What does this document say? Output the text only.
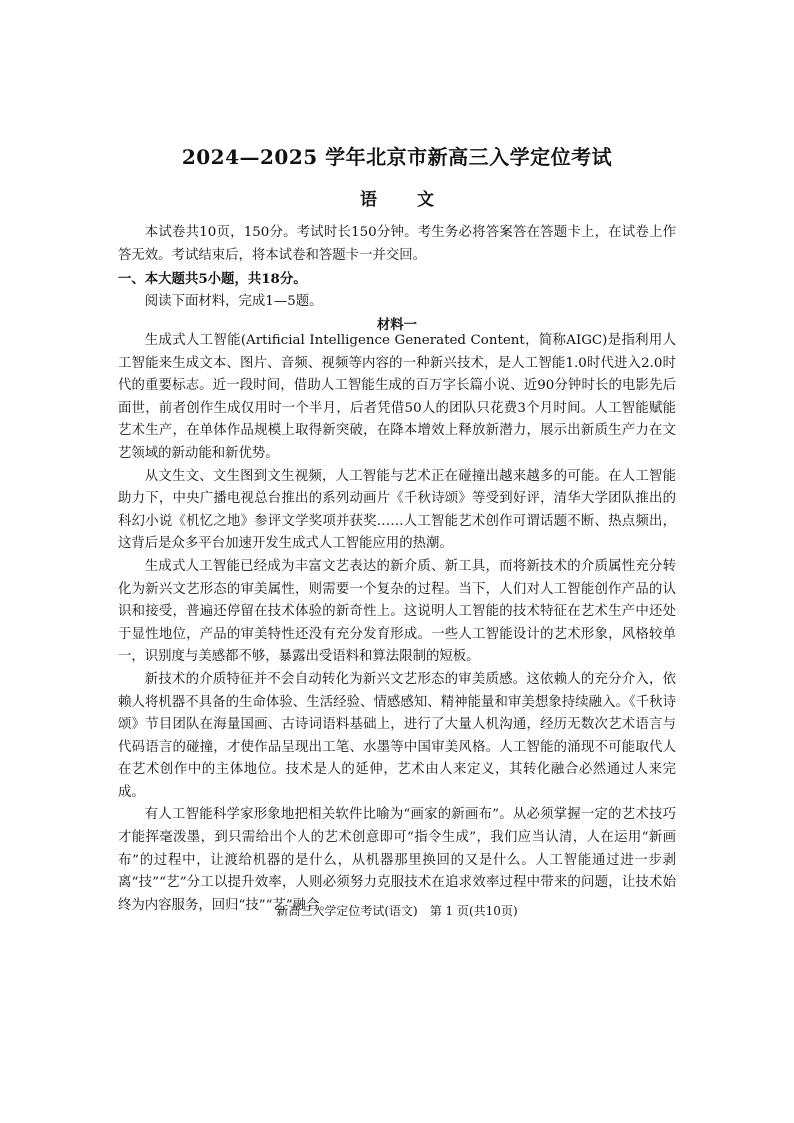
2024—2025 学年北京市新高三入学定位考试
语 文
本试卷共10页，150分。考试时长150分钟。考生务必将答案答在答题卡上，在试卷上作答无效。考试结束后，将本试卷和答题卡一并交回。
一、本大题共5小题，共18分。
阅读下面材料，完成1—5题。
材料一

生成式人工智能(Artificial Intelligence Generated Content，简称AIGC)是指利用人工智能来生成文本、图片、音频、视频等内容的一种新兴技术，是人工智能1.0时代进入2.0时代的重要标志。近一段时间，借助人工智能生成的百万字长篇小说、近90分钟时长的电影先后面世，前者创作生成仅用时一个半月，后者凭借50人的团队只花费3个月时间。人工智能赋能艺术生产，在单体作品规模上取得新突破，在降本增效上释放新潜力，展示出新质生产力在文艺领域的新动能和新优势。

从文生文、文生图到文生视频，人工智能与艺术正在碰撞出越来越多的可能。在人工智能助力下，中央广播电视总台推出的系列动画片《千秋诗颂》等受到好评，清华大学团队推出的科幻小说《机忆之地》参评文学奖项并获奖……人工智能艺术创作可谓话题不断、热点频出，这背后是众多平台加速开发生成式人工智能应用的热潮。

生成式人工智能已经成为丰富文艺表达的新介质、新工具，而将新技术的介质属性充分转化为新兴文艺形态的审美属性，则需要一个复杂的过程。当下，人们对人工智能创作产品的认识和接受，普遍还停留在技术体验的新奇性上。这说明人工智能的技术特征在艺术生产中还处于显性地位，产品的审美特性还没有充分发育形成。一些人工智能设计的艺术形象，风格较单一，识别度与美感都不够，暴露出受语料和算法限制的短板。

新技术的介质特征并不会自动转化为新兴文艺形态的审美质感。这依赖人的充分介入，依赖人将机器不具备的生命体验、生活经验、情感感知、精神能量和审美想象持续融入。《千秋诗颂》节目团队在海量国画、古诗词语料基础上，进行了大量人机沟通，经历无数次艺术语言与代码语言的碰撞，才使作品呈现出工笔、水墨等中国审美风格。人工智能的涌现不可能取代人在艺术创作中的主体地位。技术是人的延伸，艺术由人来定义，其转化融合必然通过人来完成。

有人工智能科学家形象地把相关软件比喻为“画家的新画布”。从必须掌握一定的艺术技巧才能挥毫泼墨，到只需给出个人的艺术创意即可“指令生成”，我们应当认清，人在运用“新画布”的过程中，让渡给机器的是什么，从机器那里换回的又是什么。人工智能通过进一步剥离“技”“艺”分工以提升效率，人则必须努力克服技术在追求效率过程中带来的问题，让技术始终为内容服务，回归“技”“艺”融合。

新高三入学定位考试(语文)　第 1 页(共10页)
